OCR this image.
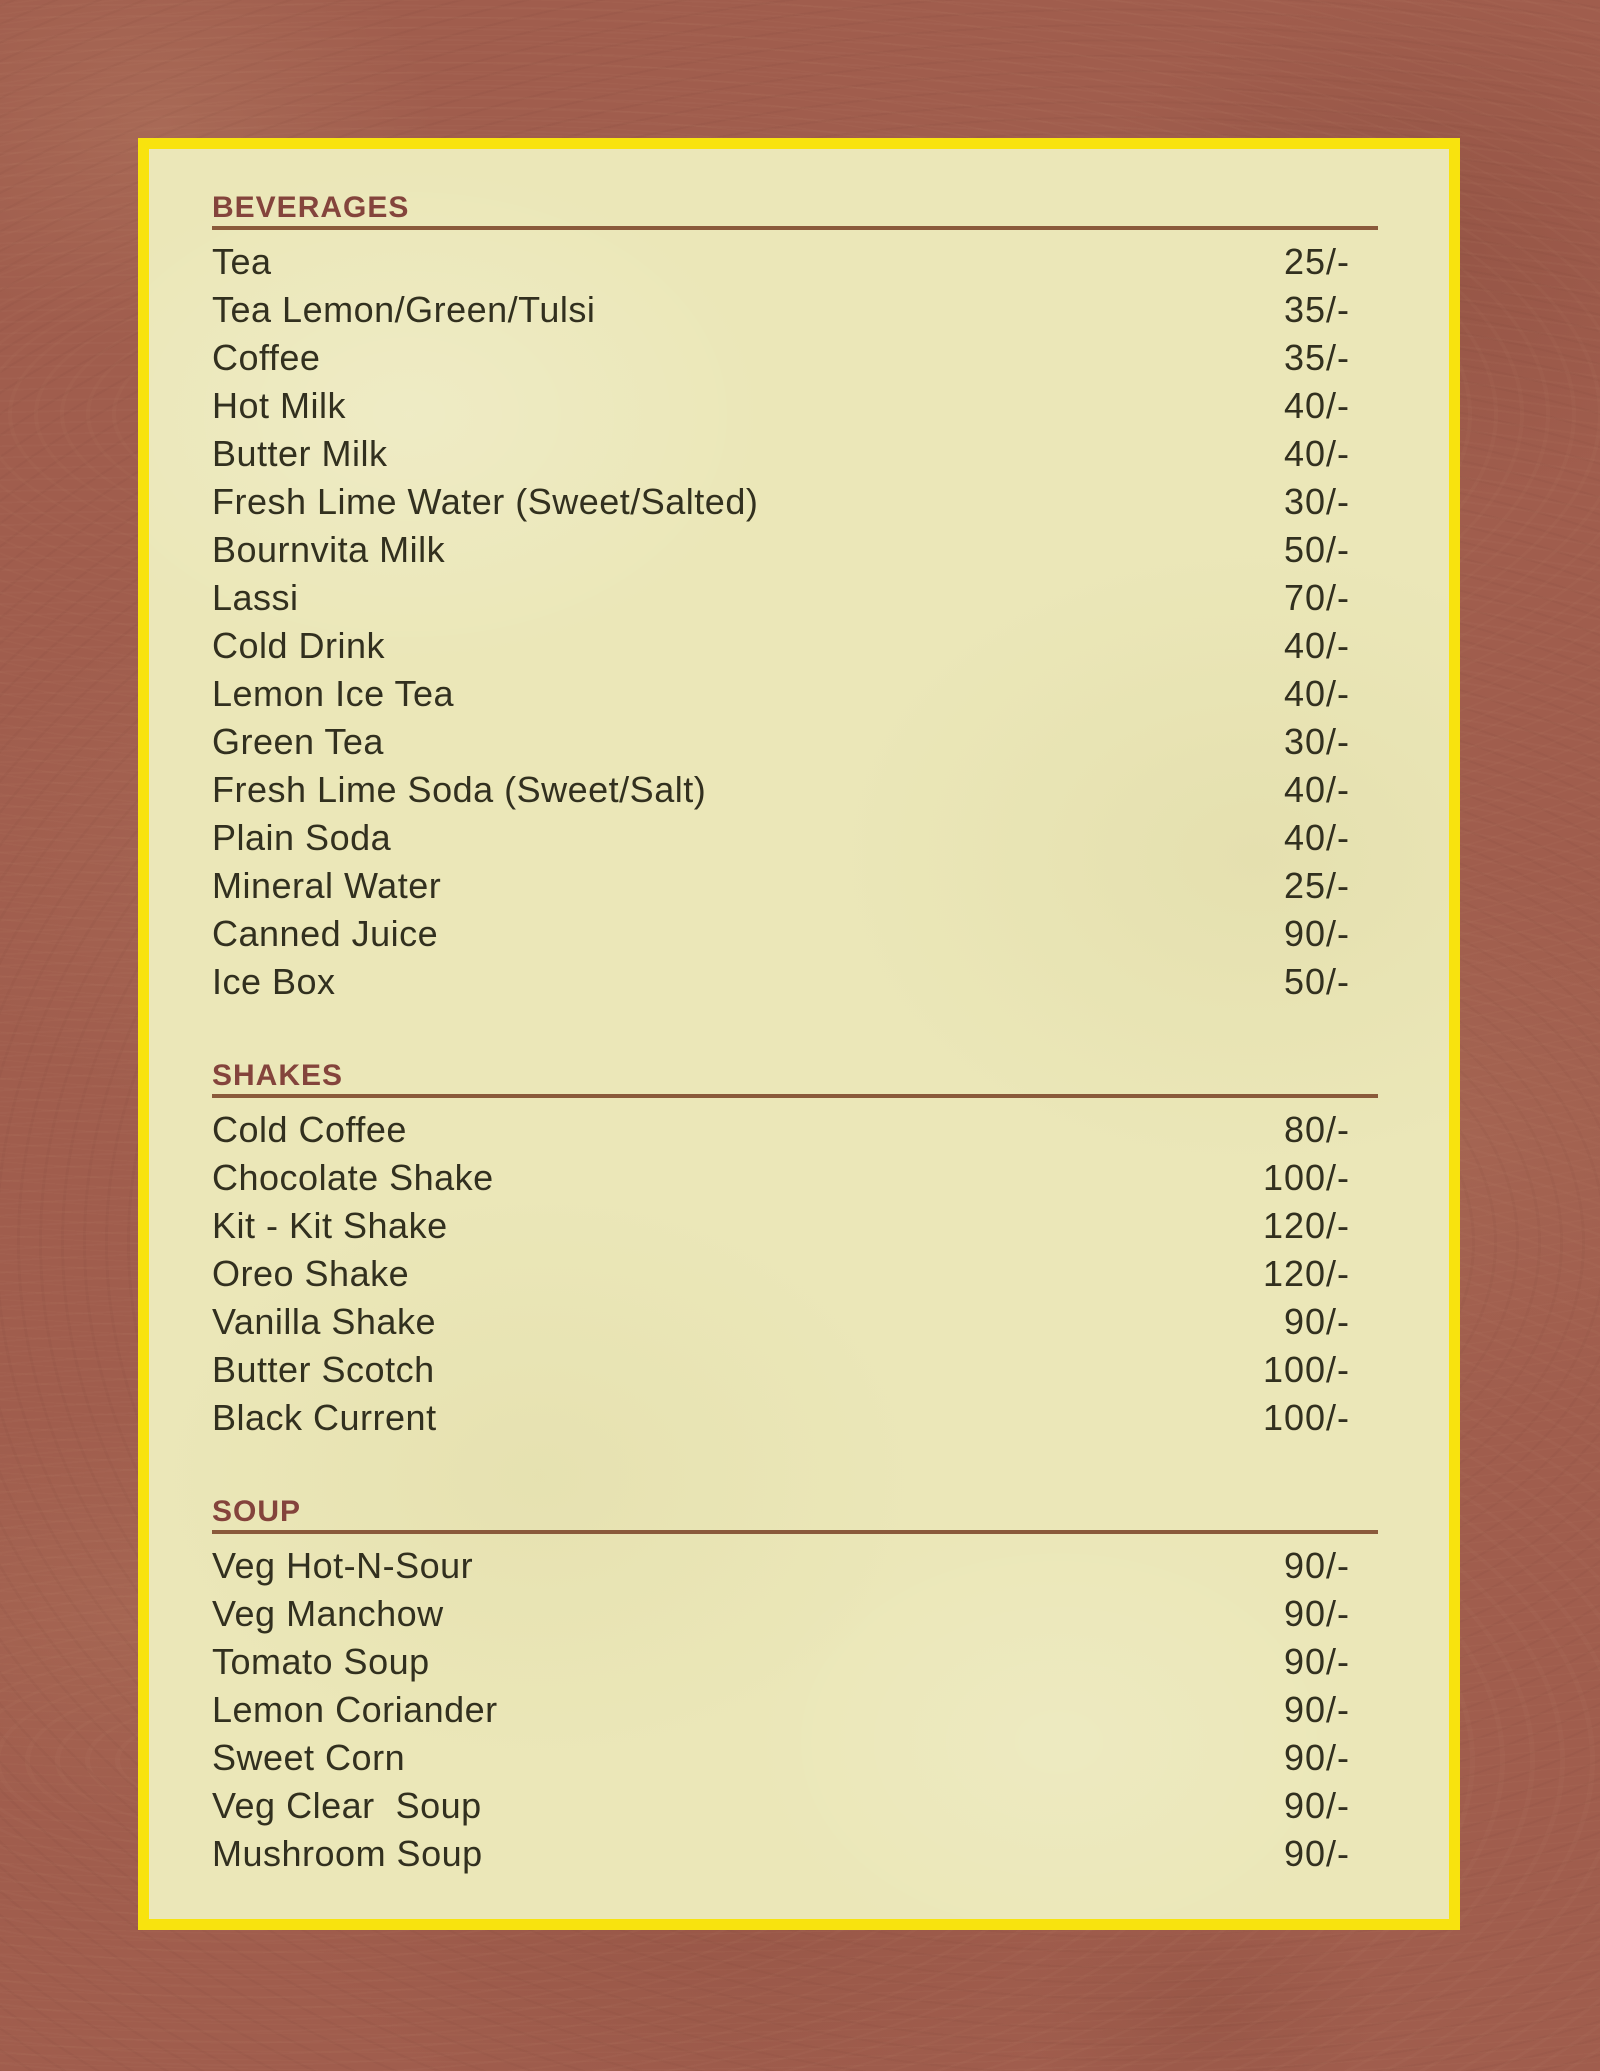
BEVERAGES
Tea	25/-
Tea Lemon/Green/Tulsi	35/-
Coffee	35/-
Hot Milk	40/-
Butter Milk	40/-
Fresh Lime Water (Sweet/Salted)	30/-
Bournvita Milk	50/-
Lassi	70/-
Cold Drink	40/-
Lemon Ice Tea	40/-
Green Tea	30/-
Fresh Lime Soda (Sweet/Salt)	40/-
Plain Soda	40/-
Mineral Water	25/-
Canned Juice	90/-
Ice Box	50/-
SHAKES
Cold Coffee	80/-
Chocolate Shake	100/-
Kit - Kit Shake	120/-
Oreo Shake	120/-
Vanilla Shake	90/-
Butter Scotch	100/-
Black Current	100/-
SOUP
Veg Hot-N-Sour	90/-
Veg Manchow	90/-
Tomato Soup	90/-
Lemon Coriander	90/-
Sweet Corn	90/-
Veg Clear  Soup	90/-
Mushroom Soup	90/-
